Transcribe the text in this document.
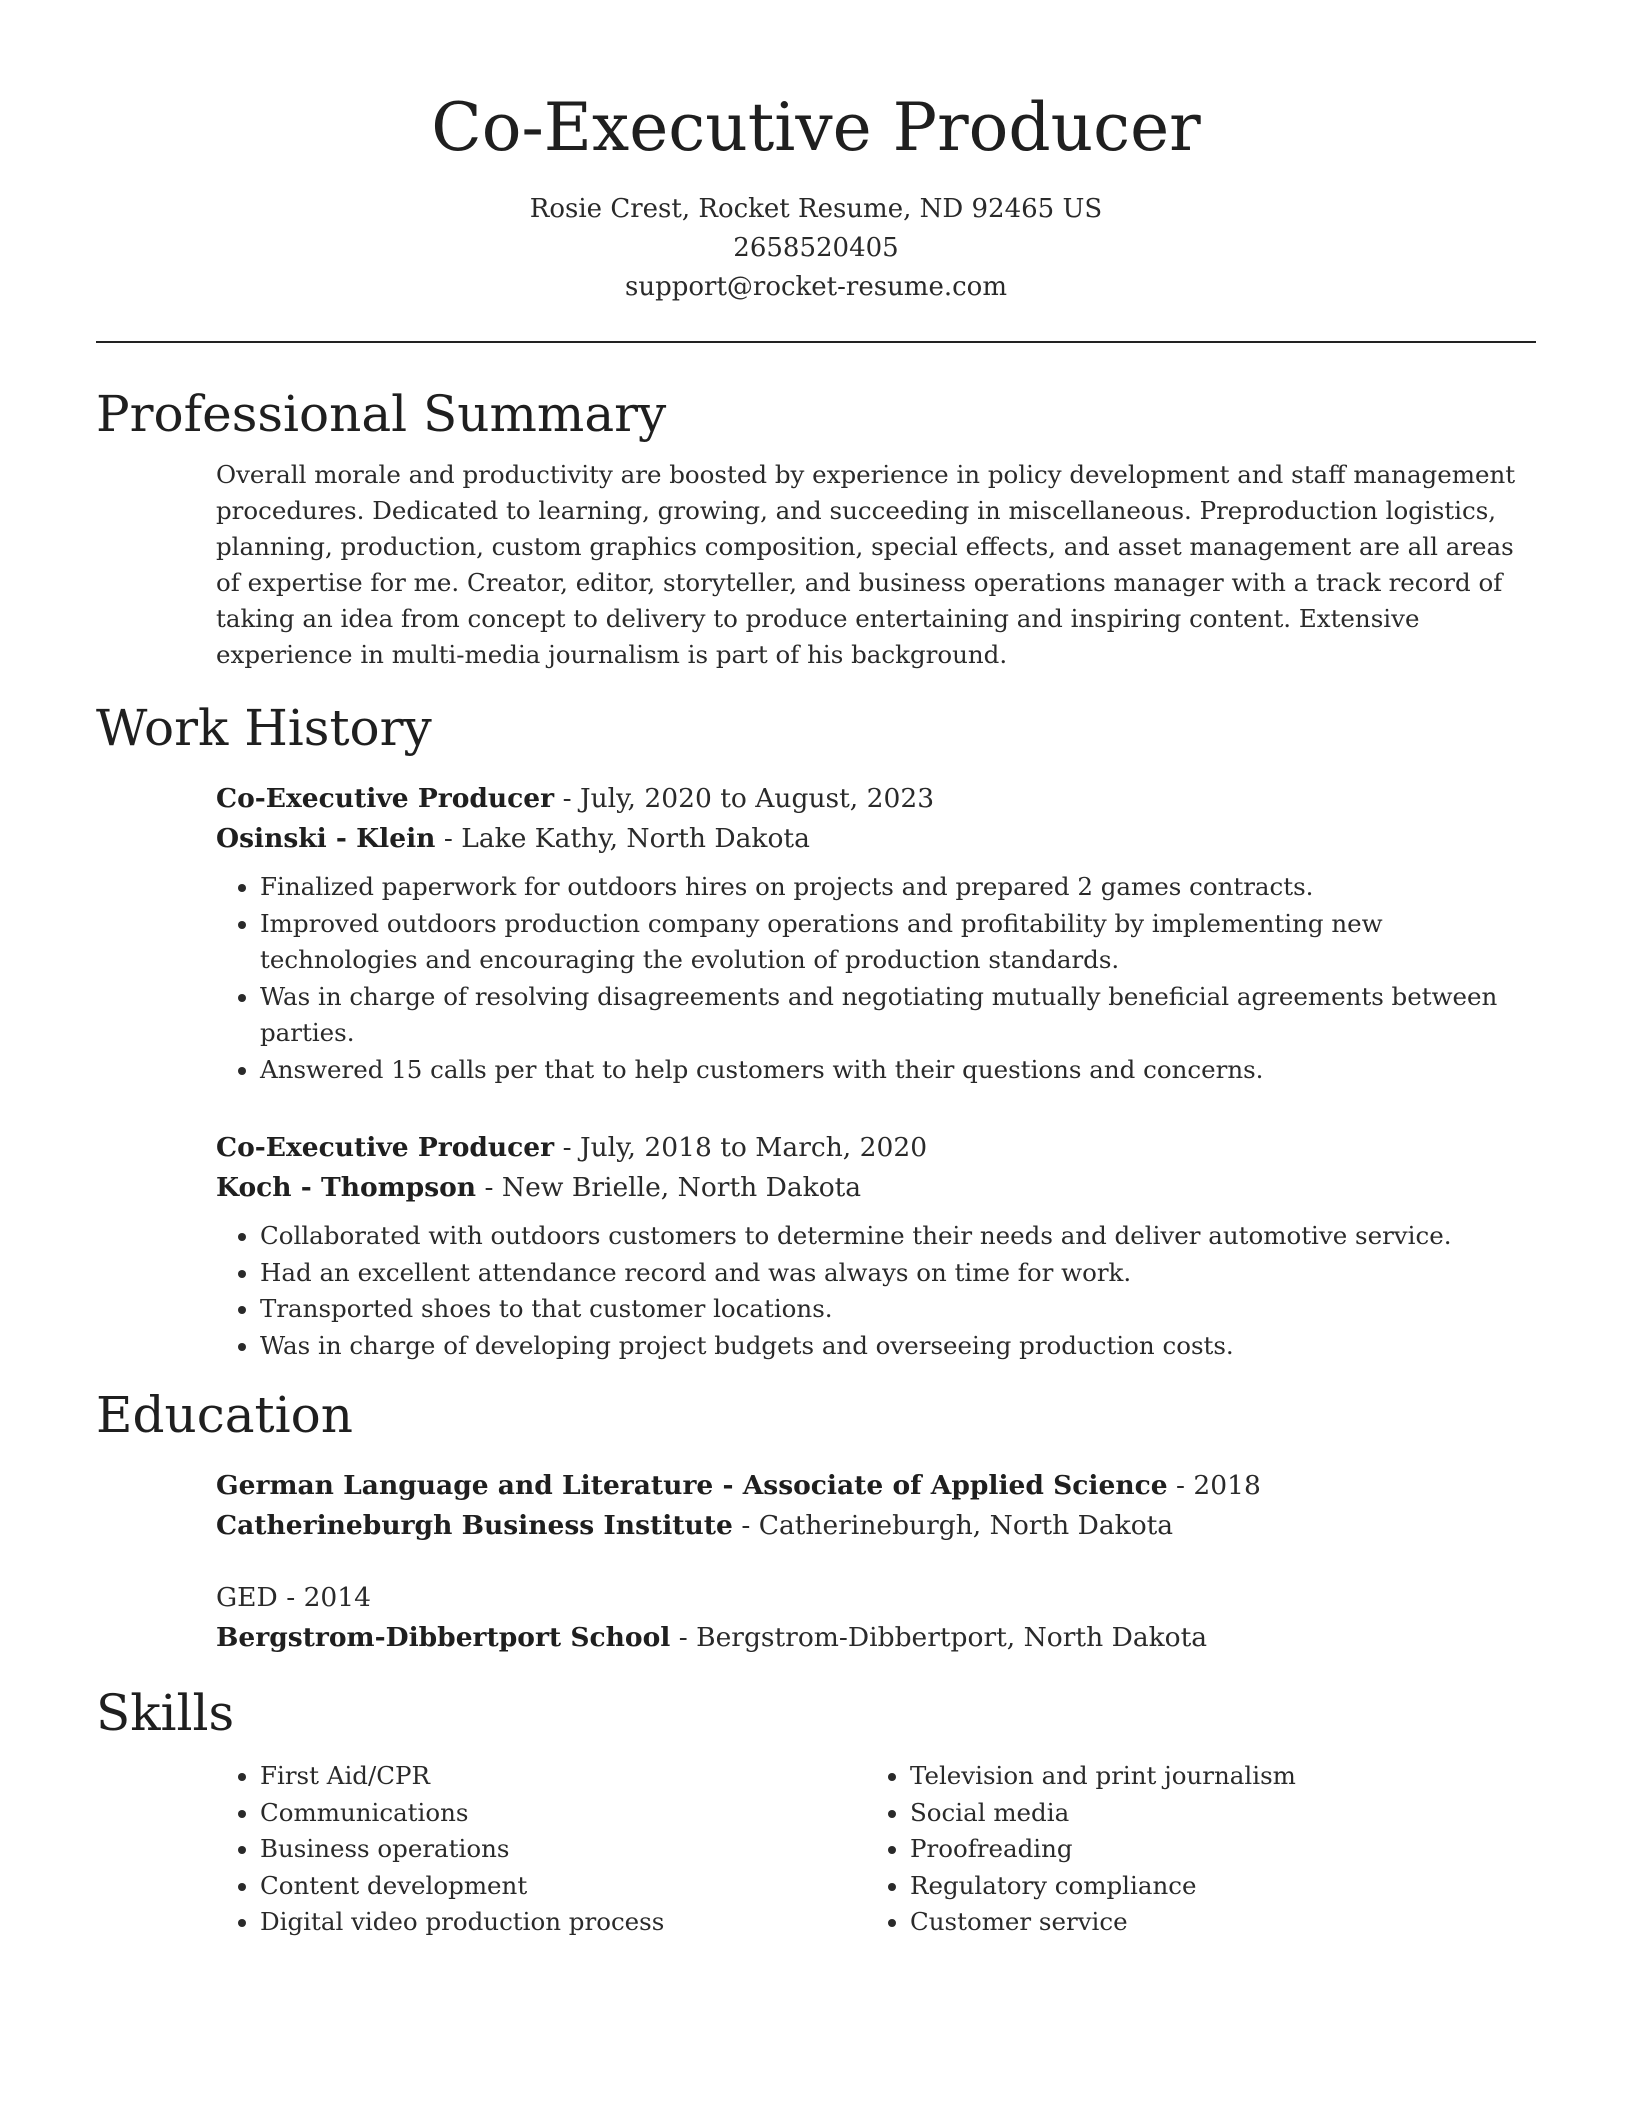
Co-Executive Producer
Rosie Crest, Rocket Resume, ND 92465 US
2658520405
support@rocket-resume.com
Professional Summary

Overall morale and productivity are boosted by experience in policy development and staff management procedures. Dedicated to learning, growing, and succeeding in miscellaneous. Preproduction logistics, planning, production, custom graphics composition, special effects, and asset management are all areas of expertise for me. Creator, editor, storyteller, and business operations manager with a track record of taking an idea from concept to delivery to produce entertaining and inspiring content. Extensive experience in multi-media journalism is part of his background.

Work History
Co-Executive Producer - July, 2020 to August, 2023
Osinski - Klein - Lake Kathy, North Dakota
• Finalized paperwork for outdoors hires on projects and prepared 2 games contracts.
• Improved outdoors production company operations and profitability by implementing new technologies and encouraging the evolution of production standards.
• Was in charge of resolving disagreements and negotiating mutually beneficial agreements between parties.
• Answered 15 calls per that to help customers with their questions and concerns.
Co-Executive Producer - July, 2018 to March, 2020
Koch - Thompson - New Brielle, North Dakota
• Collaborated with outdoors customers to determine their needs and deliver automotive service.
• Had an excellent attendance record and was always on time for work.
• Transported shoes to that customer locations.
• Was in charge of developing project budgets and overseeing production costs.
Education
German Language and Literature - Associate of Applied Science - 2018
Catherineburgh Business Institute - Catherineburgh, North Dakota
GED - 2014
Bergstrom-Dibbertport School - Bergstrom-Dibbertport, North Dakota
Skills
• First Aid/CPR
• Communications
• Business operations
• Content development
• Digital video production process
• Television and print journalism
• Social media
• Proofreading
• Regulatory compliance
• Customer service
